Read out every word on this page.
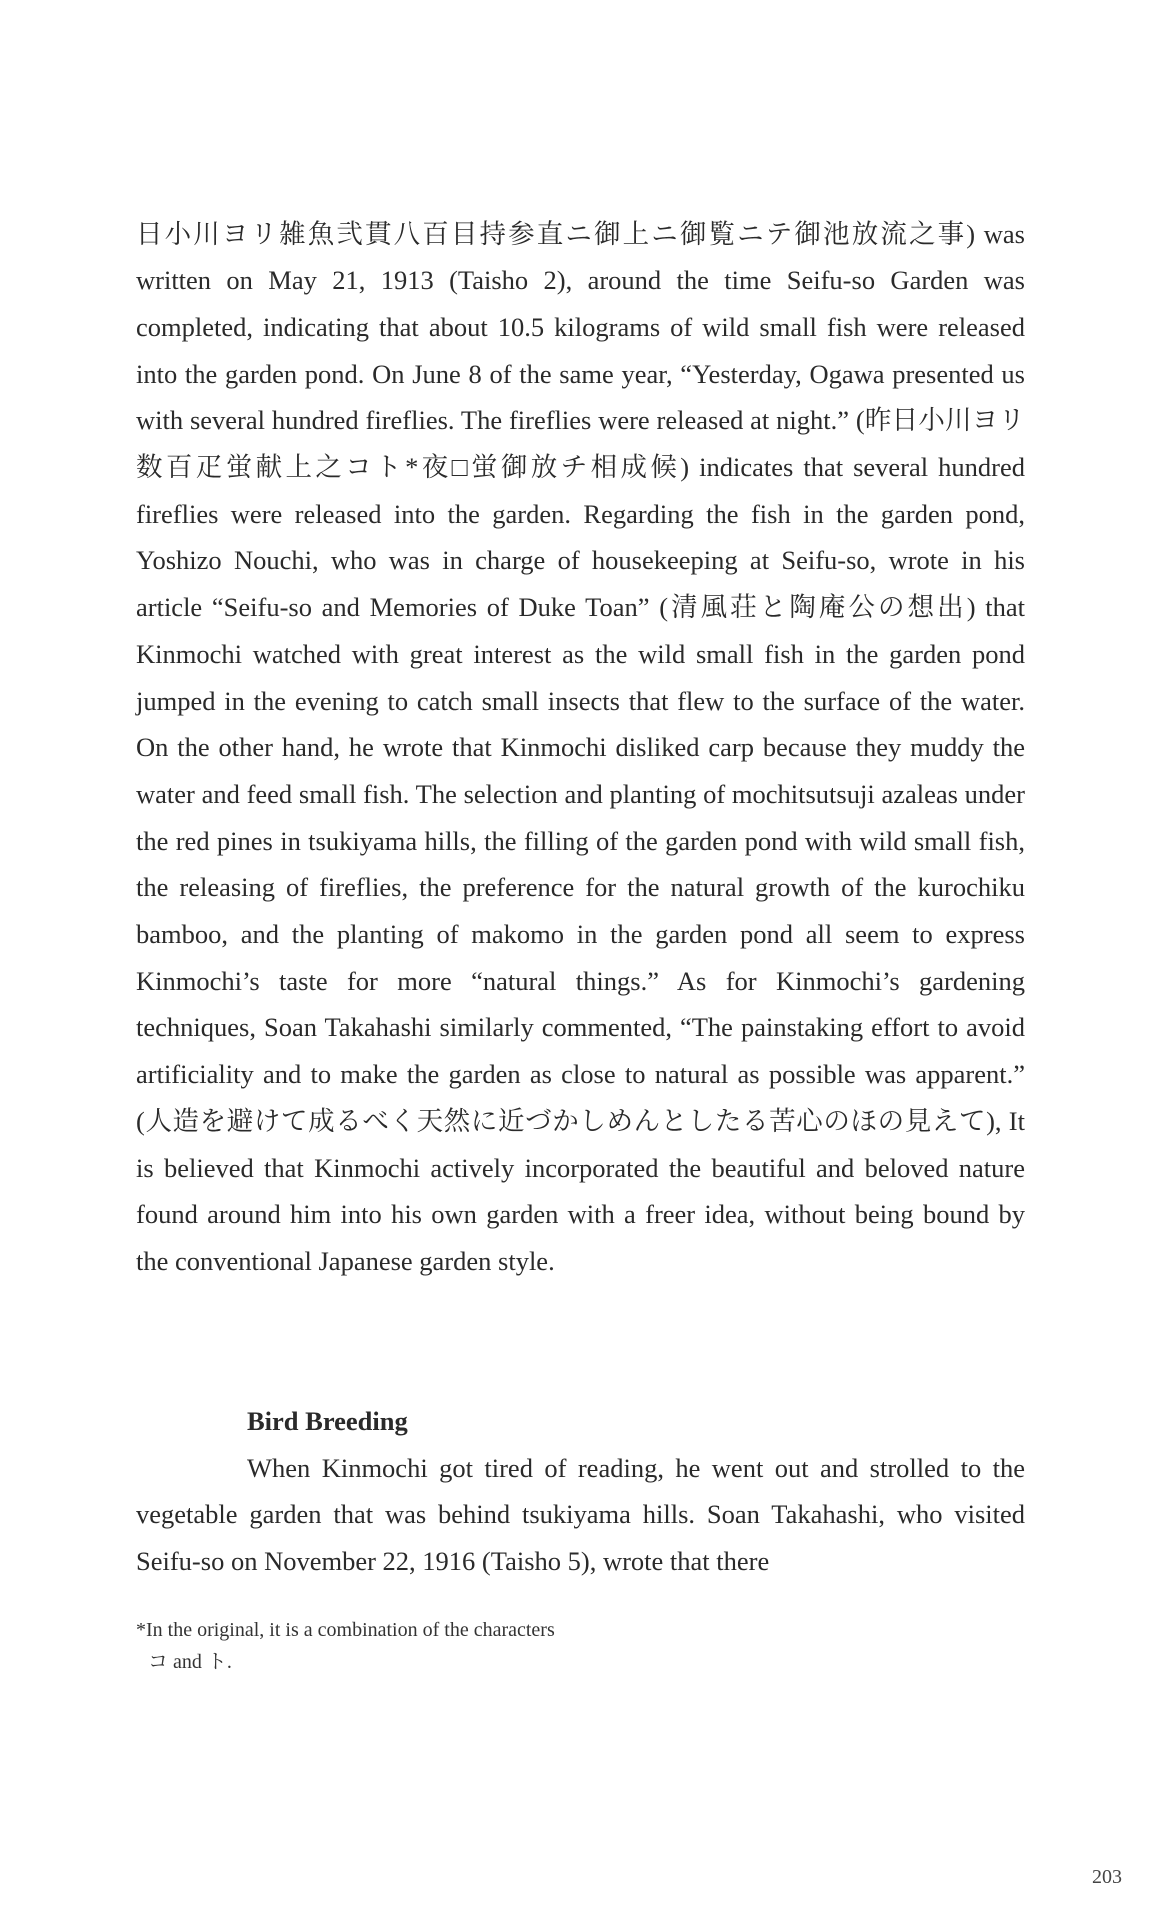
日小川ヨリ雑魚弐貫八百目持参直ニ御上ニ御覧ニテ御池放流之事) was written on May 21, 1913 (Taisho 2), around the time Seifu-so Garden was completed, indicating that about 10.5 kilograms of wild small fish were released into the garden pond. On June 8 of the same year, “Yesterday, Ogawa presented us with several hundred fireflies. The fireflies were released at night.” (昨日小川ヨリ数百疋蛍献上之コト*夜□蛍御放チ相成候) indicates that several hundred fireflies were released into the garden. Regarding the fish in the garden pond, Yoshizo Nouchi, who was in charge of housekeeping at Seifu-so, wrote in his article “Seifu-so and Memories of Duke Toan” (清風荘と陶庵公の想出) that Kinmochi watched with great interest as the wild small fish in the garden pond jumped in the evening to catch small insects that flew to the surface of the water. On the other hand, he wrote that Kinmochi disliked carp because they muddy the water and feed small fish. The selection and planting of mochitsutsuji azaleas under the red pines in tsukiyama hills, the filling of the garden pond with wild small fish, the releasing of fireflies, the preference for the natural growth of the kurochiku bamboo, and the planting of makomo in the garden pond all seem to express Kinmochi’s taste for more “natural things.” As for Kinmochi’s gardening techniques, Soan Takahashi similarly commented, “The painstaking effort to avoid artificiality and to make the garden as close to natural as possible was apparent.” (人造を避けて成るべく天然に近づかしめんとしたる苦心のほの見えて), It is believed that Kinmochi actively incorporated the beautiful and beloved nature found around him into his own garden with a freer idea, without being bound by the conventional Japanese garden style.

Bird Breeding

When Kinmochi got tired of reading, he went out and strolled to the vegetable garden that was behind tsukiyama hills. Soan Takahashi, who visited Seifu-so on November 22, 1916 (Taisho 5), wrote that there

*In the original, it is a combination of the characters
コ and ト.
203
